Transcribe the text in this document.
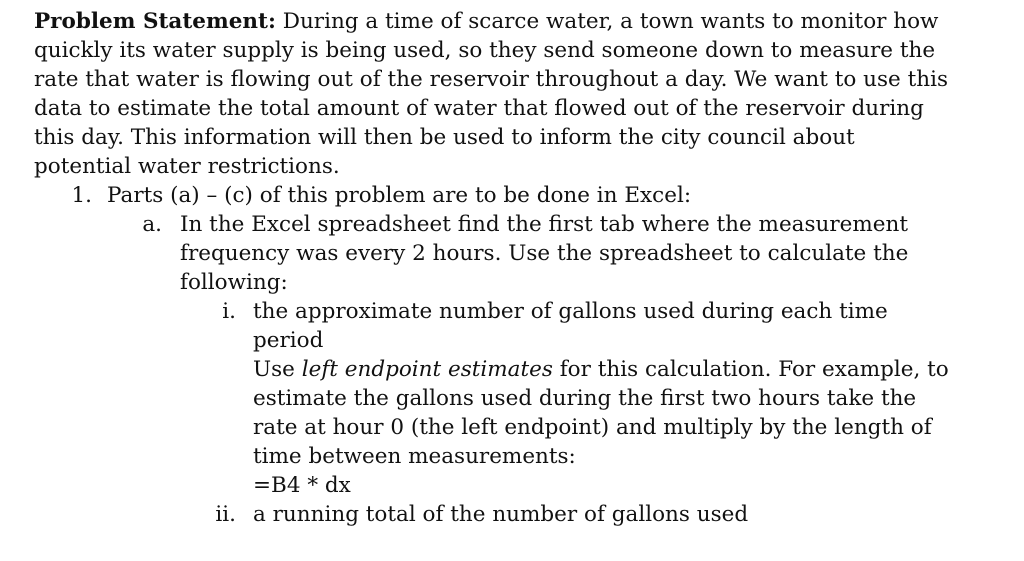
Problem Statement: During a time of scarce water, a town wants to monitor how
quickly its water supply is being used, so they send someone down to measure the
rate that water is flowing out of the reservoir throughout a day. We want to use this
data to estimate the total amount of water that flowed out of the reservoir during
this day. This information will then be used to inform the city council about
potential water restrictions.

1. Parts (a) – (c) of this problem are to be done in Excel:
a. In the Excel spreadsheet find the first tab where the measurement
frequency was every 2 hours. Use the spreadsheet to calculate the
following:
i. the approximate number of gallons used during each time
period
Use left endpoint estimates for this calculation. For example, to
estimate the gallons used during the first two hours take the
rate at hour 0 (the left endpoint) and multiply by the length of
time between measurements:
=B4 * dx
ii. a running total of the number of gallons used
